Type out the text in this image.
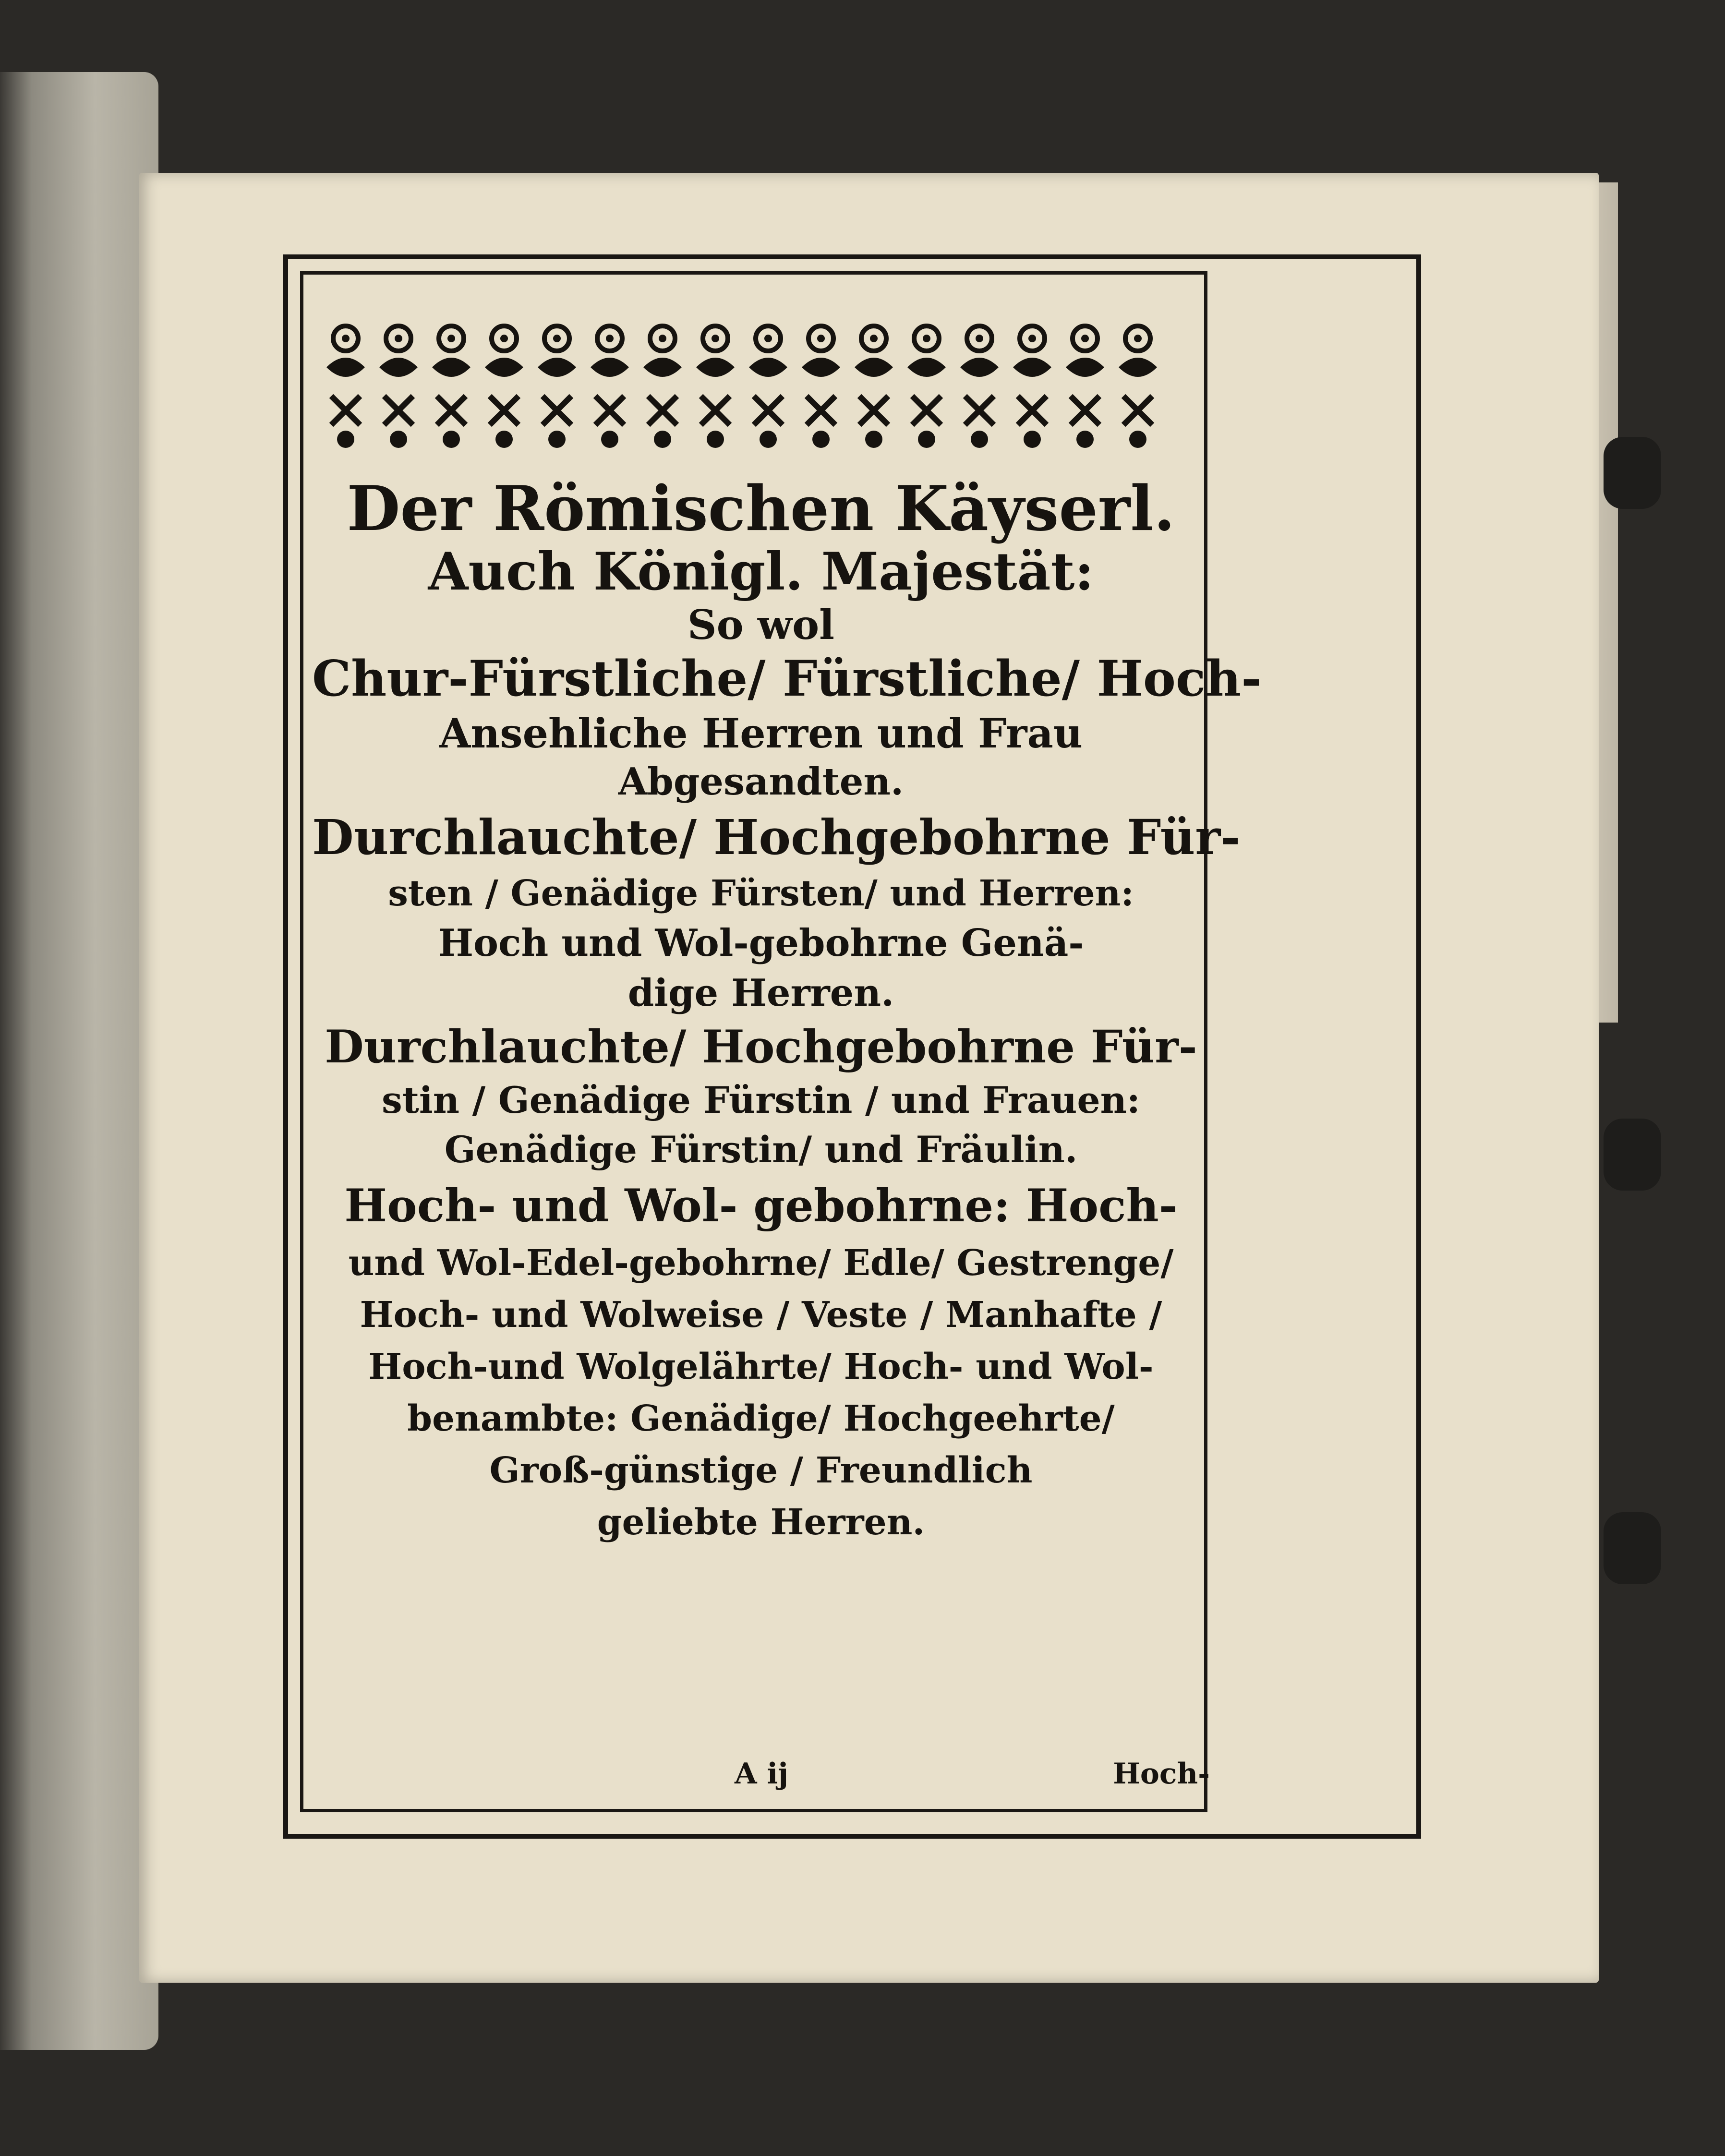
Der Römischen Käyserl.
Auch Königl. Majestät:
So wol
Chur-Fürstliche/ Fürstliche/ Hoch-
Ansehliche Herren und Frau
Abgesandten.
Durchlauchte/ Hochgebohrne Für-
sten / Genädige Fürsten/ und Herren:
Hoch und Wol-gebohrne Genä-
dige Herren.
Durchlauchte/ Hochgebohrne Für-
stin / Genädige Fürstin / und Frauen:
Genädige Fürstin/ und Fräulin.
Hoch- und Wol- gebohrne: Hoch-
und Wol-Edel-gebohrne/ Edle/ Gestrenge/
Hoch- und Wolweise / Veste / Manhafte /
Hoch-und Wolgelährte/ Hoch- und Wol-
benambte: Genädige/ Hochgeehrte/
Groß-günstige / Freundlich
geliebte Herren.
A ij	Hoch-
